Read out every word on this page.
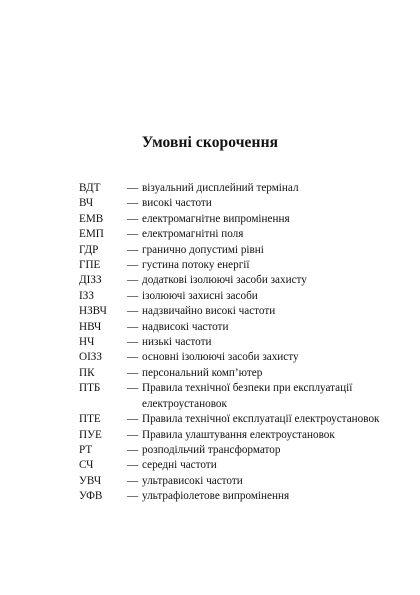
Умовні скорочення
ВДТ	— візуальний дисплейний термінал
ВЧ	— високі частоти
ЕМВ	— електромагнітне випромінення
ЕМП	— електромагнітні поля
ГДР	— гранично допустимі рівні
ГПЕ	— густина потоку енергії
ДІЗЗ	— додаткові ізолюючі засоби захисту
ІЗЗ	— ізолюючі захисні засоби
НЗВЧ	— надзвичайно високі частоти
НВЧ	— надвисокі частоти
НЧ	— низькі частоти
ОІЗЗ	— основні ізолюючі засоби захисту
ПК	— персональний комп’ютер
ПТБ	— Правила технічної безпеки при експлуатації електроустановок
ПТЕ	— Правила технічної експлуатації електроустановок
ПУЕ	— Правила улаштування електроустановок
РТ	— розподільчий трансформатор
СЧ	— середні частоти
УВЧ	— ультрависокі частоти
УФВ	— ультрафіолетове випромінення
